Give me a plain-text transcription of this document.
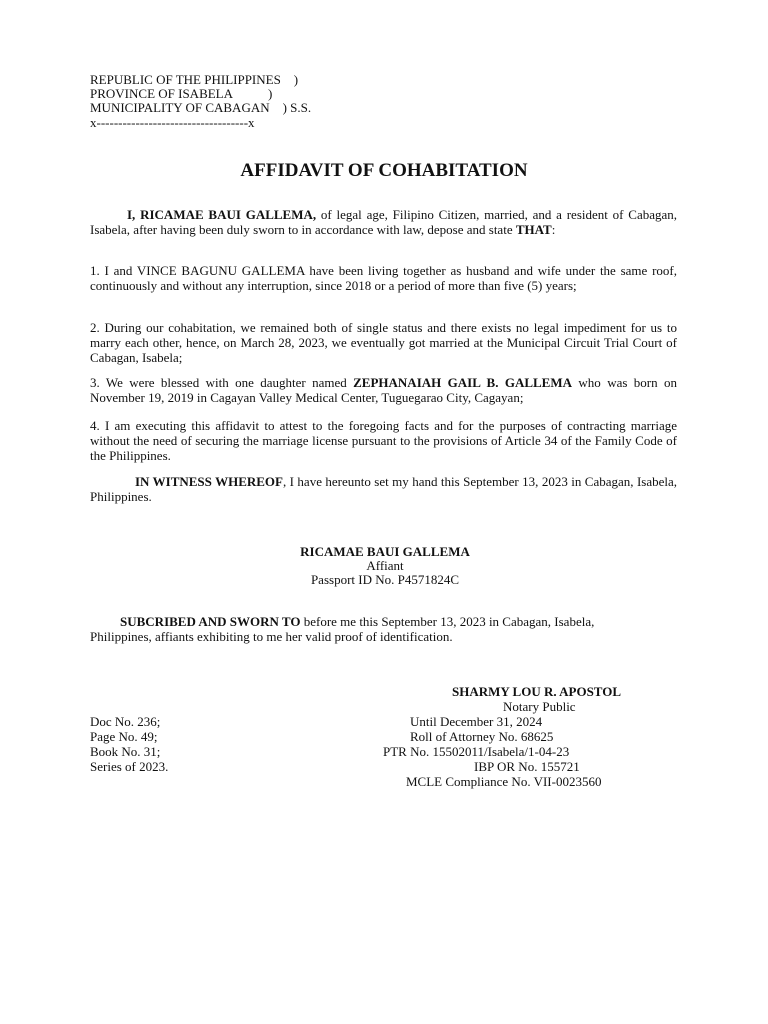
REPUBLIC OF THE PHILIPPINES    )
PROVINCE OF ISABELA           )
MUNICIPALITY OF CABAGAN    ) S.S.
x-----------------------------------x
AFFIDAVIT OF COHABITATION
I, RICAMAE BAUI GALLEMA, of legal age, Filipino Citizen, married, and a resident of Cabagan, Isabela, after having been duly sworn to in accordance with law, depose and state THAT:
1. I and VINCE BAGUNU GALLEMA have been living together as husband and wife under the same roof, continuously and without any interruption, since 2018 or a period of more than five (5) years;
2. During our cohabitation, we remained both of single status and there exists no legal impediment for us to marry each other, hence, on March 28, 2023, we eventually got married at the Municipal Circuit Trial Court of Cabagan, Isabela;
3. We were blessed with one daughter named ZEPHANAIAH GAIL B. GALLEMA who was born on November 19, 2019 in Cagayan Valley Medical Center, Tuguegarao City, Cagayan;
4. I am executing this affidavit to attest to the foregoing facts and for the purposes of contracting marriage without the need of securing the marriage license pursuant to the provisions of Article 34 of the Family Code of the Philippines.
IN WITNESS WHEREOF, I have hereunto set my hand this September 13, 2023 in Cabagan, Isabela, Philippines.
RICAMAE BAUI GALLEMA
Affiant
Passport ID No. P4571824C
SUBCRIBED AND SWORN TO before me this September 13, 2023 in Cabagan, Isabela, Philippines, affiants exhibiting to me her valid proof of identification.
SHARMY LOU R. APOSTOL
Notary Public
Until December 31, 2024
Roll of Attorney No. 68625
PTR No. 15502011/Isabela/1-04-23
IBP OR No. 155721
MCLE Compliance No. VII-0023560
Doc No. 236;
Page No. 49;
Book No. 31;
Series of 2023.
